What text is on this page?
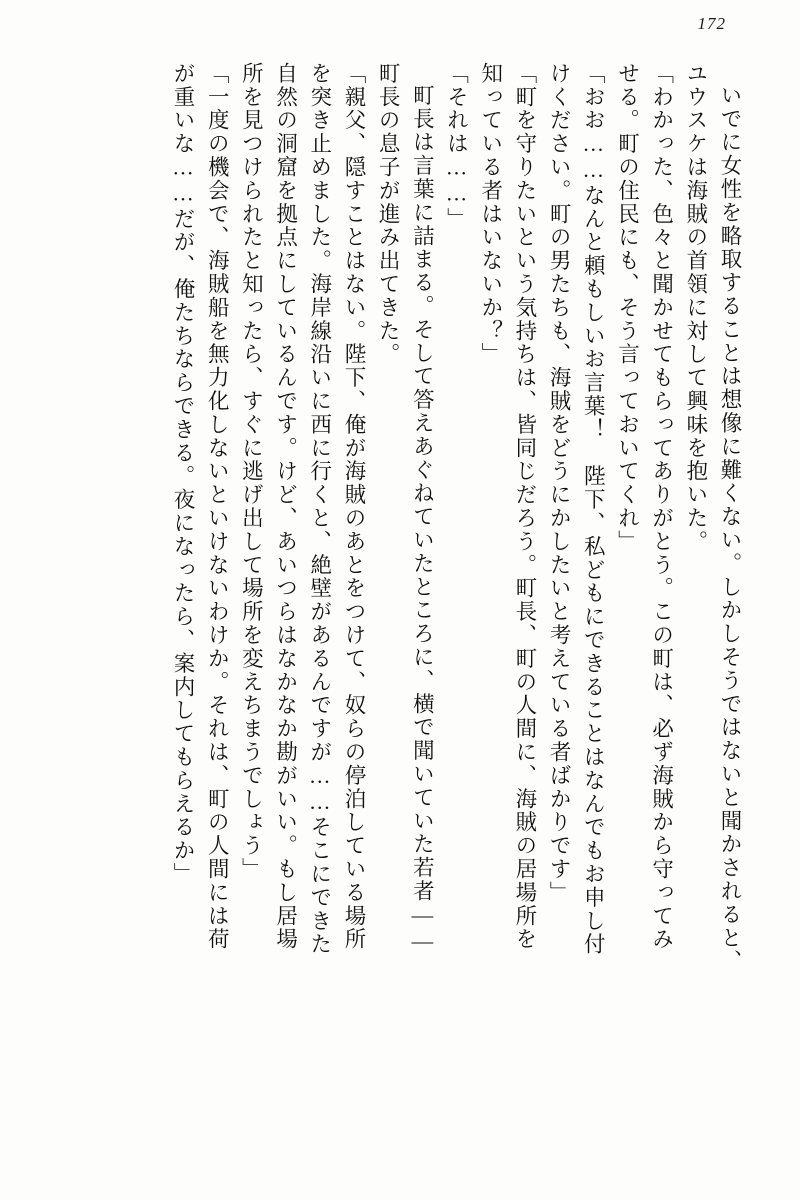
172
いでに女性を略取することは想像に難くない。しかしそうではないと聞かされると、
ユウスケは海賊の首領に対して興味を抱いた。
「わかった、色々と聞かせてもらってありがとう。この町は、必ず海賊から守ってみ
せる。町の住民にも、そう言っておいてくれ」
「おお……なんと頼もしいお言葉！　陛下、私どもにできることはなんでもお申し付
けください。町の男たちも、海賊をどうにかしたいと考えている者ばかりです」
「町を守りたいという気持ちは、皆同じだろう。町長、町の人間に、海賊の居場所を
知っている者はいないか？」
「それは……」
町長は言葉に詰まる。そして答えあぐねていたところに、横で聞いていた若者――
町長の息子が進み出てきた。
「親父、隠すことはない。陛下、俺が海賊のあとをつけて、奴らの停泊している場所
を突き止めました。海岸線沿いに西に行くと、絶壁があるんですが……そこにできた
自然の洞窟を拠点にしているんです。けど、あいつらはなかなか勘がいい。もし居場
所を見つけられたと知ったら、すぐに逃げ出して場所を変えちまうでしょう」
「一度の機会で、海賊船を無力化しないといけないわけか。それは、町の人間には荷
が重いな……だが、俺たちならできる。夜になったら、案内してもらえるか」
